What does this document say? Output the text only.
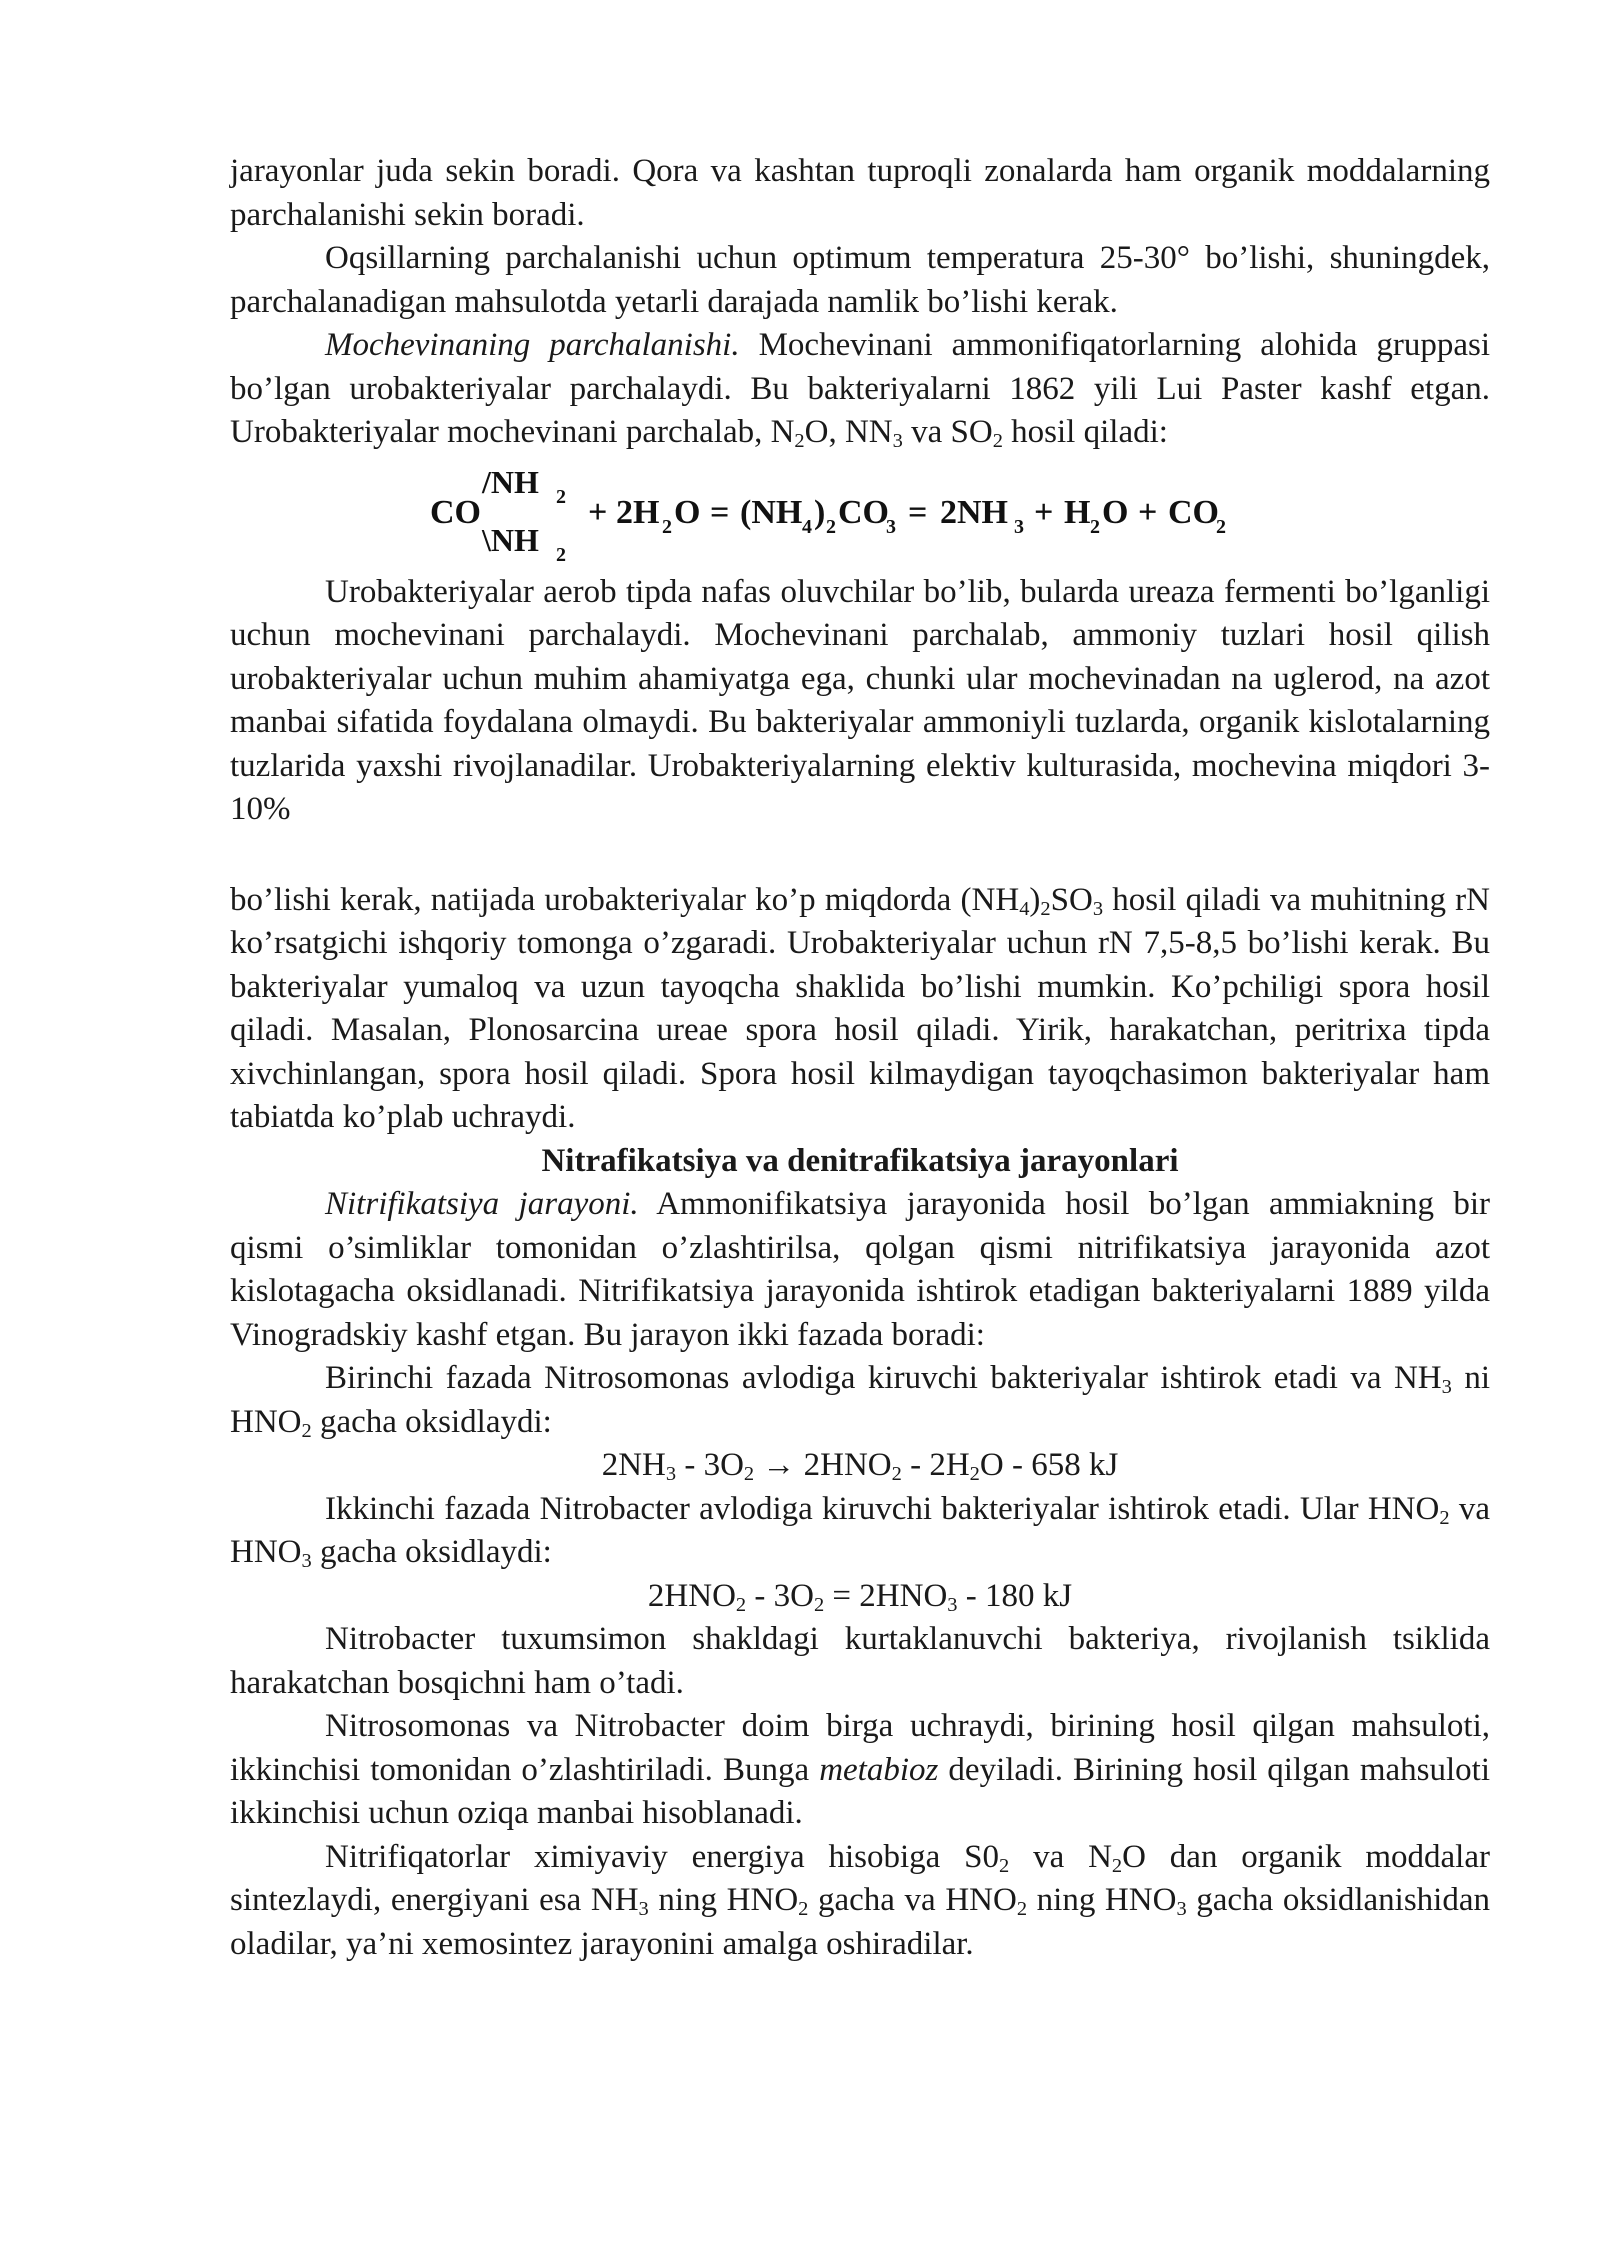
jarayonlar juda sekin boradi. Qora va kashtan tuproqli zonalarda ham organik moddalarning parchalanishi sekin boradi.

Oqsillarning parchalanishi uchun optimum temperatura 25-30° bo’lishi, shuningdek, parchalanadigan mahsulotda yetarli darajada namlik bo’lishi kerak.

Mochevinaning parchalanishi. Mochevinani ammonifiqatorlarning alohida gruppasi bo’lgan urobakteriyalar parchalaydi. Bu bakteriyalarni 1862 yili Lui Paster kashf etgan. Urobakteriyalar mochevinani parchalab, $N_2O$, $NN_3$ va $SO_2$ hosil qiladi:

CO
/NH 2
\NH 2
+ 2H 2 O = (NH 4 ) 2 CO
3 = 2NH 3 + H 2 O + CO
2

Urobakteriyalar aerob tipda nafas oluvchilar bo’lib, bularda ureaza fermenti bo’lganligi uchun mochevinani parchalaydi. Mochevinani parchalab, ammoniy tuzlari hosil qilish urobakteriyalar uchun muhim ahamiyatga ega, chunki ular mochevinadan na uglerod, na azot manbai sifatida foydalana olmaydi. Bu bakteriyalar ammoniyli tuzlarda, organik kislotalarning tuzlarida yaxshi rivojlanadilar. Urobakteriyalarning elektiv kulturasida, mochevina miqdori 3-10%

bo’lishi kerak, natijada urobakteriyalar ko’p miqdorda $(NH_4)_2SO_3$ hosil qiladi va muhitning rN ko’rsatgichi ishqoriy tomonga o’zgaradi. Urobakteriyalar uchun rN 7,5-8,5 bo’lishi kerak. Bu bakteriyalar yumaloq va uzun tayoqcha shaklida bo’lishi mumkin. Ko’pchiligi spora hosil qiladi. Masalan, Plonosarcina ureae spora hosil qiladi. Yirik, harakatchan, peritrixa tipda xivchinlangan, spora hosil qiladi. Spora hosil kilmaydigan tayoqchasimon bakteriyalar ham tabiatda ko’plab uchraydi.

Nitrafikatsiya va denitrafikatsiya jarayonlari

Nitrifikatsiya jarayoni. Ammonifikatsiya jarayonida hosil bo’lgan ammiakning bir qismi o’simliklar tomonidan o’zlashtirilsa, qolgan qismi nitrifikatsiya jarayonida azot kislotagacha oksidlanadi. Nitrifikatsiya jarayonida ishtirok etadigan bakteriyalarni 1889 yilda Vinogradskiy kashf etgan. Bu jarayon ikki fazada boradi:

Birinchi fazada Nitrosomonas avlodiga kiruvchi bakteriyalar ishtirok etadi va $NH_3$ ni $HNO_2$ gacha oksidlaydi:

$2NH_3 - 3O_2 \to 2HNO_2 - 2H_2O - 658$ kJ

Ikkinchi fazada Nitrobacter avlodiga kiruvchi bakteriyalar ishtirok etadi. Ular $HNO_2$ va $HNO_3$ gacha oksidlaydi:

$2HNO_2 - 3O_2 = 2HNO_3 - 180$ kJ

Nitrobacter tuxumsimon shakldagi kurtaklanuvchi bakteriya, rivojlanish tsiklida harakatchan bosqichni ham o’tadi.

Nitrosomonas va Nitrobacter doim birga uchraydi, birining hosil qilgan mahsuloti, ikkinchisi tomonidan o’zlashtiriladi. Bunga metabioz deyiladi. Birining hosil qilgan mahsuloti ikkinchisi uchun oziqa manbai hisoblanadi.

Nitrifiqatorlar ximiyaviy energiya hisobiga $S0_2$ va $N_2O$ dan organik moddalar sintezlaydi, energiyani esa $NH_3$ ning $HNO_2$ gacha va $HNO_2$ ning $HNO_3$ gacha oksidlanishidan oladilar, ya’ni xemosintez jarayonini amalga oshiradilar.
